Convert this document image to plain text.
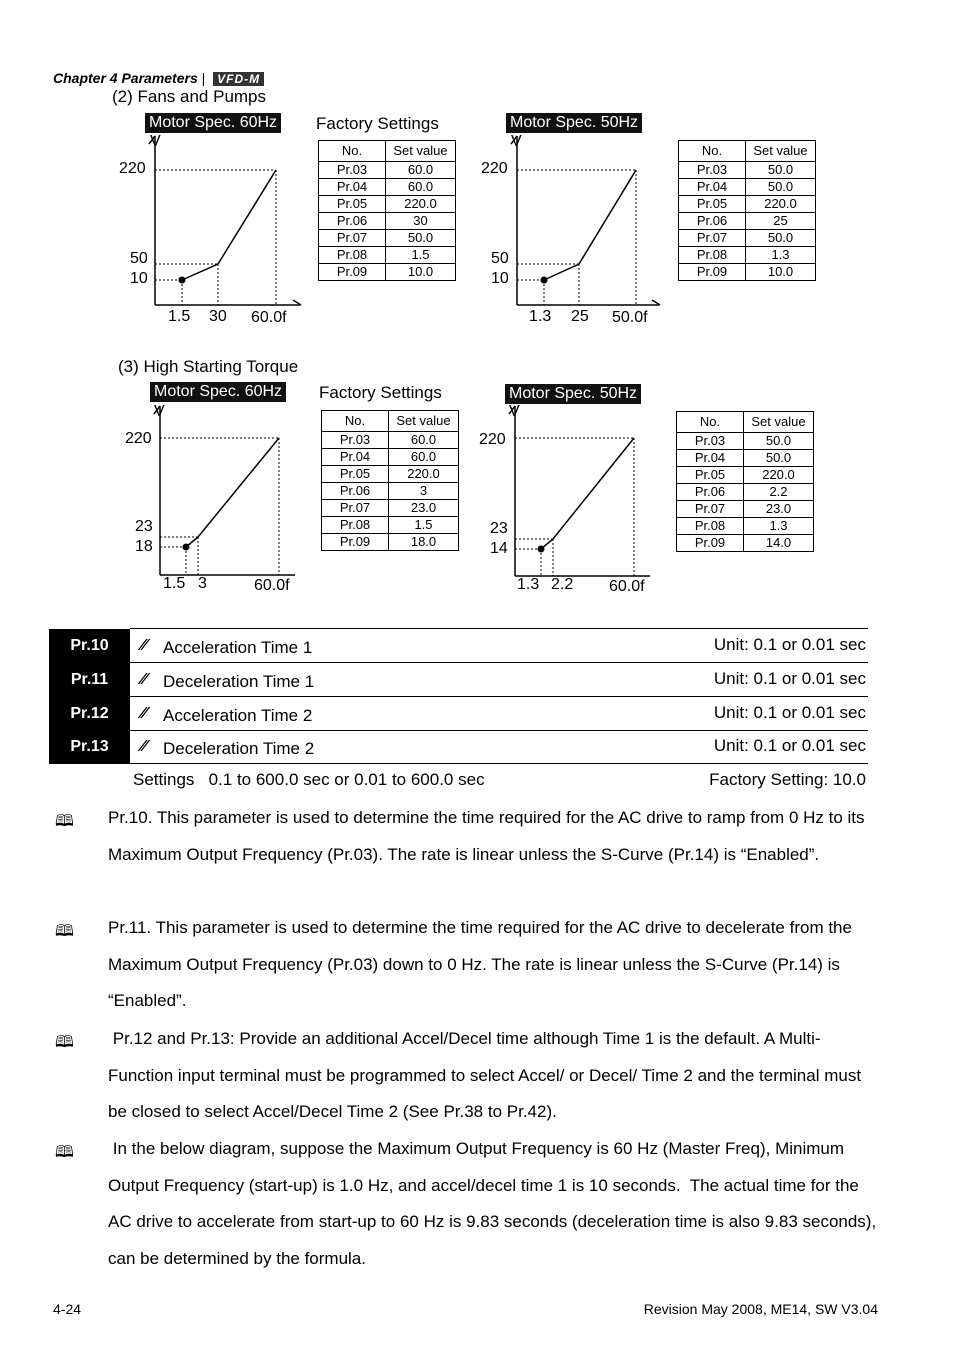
Chapter 4 Parameters | VFD-M
(2) Fans and Pumps
Motor Spec. 60Hz Factory Settings
V
220
50
10
1.5 30 60.0f
No.	Set value
Pr.03	60.0
Pr.04	60.0
Pr.05	220.0
Pr.06	30
Pr.07	50.0
Pr.08	1.5
Pr.09	10.0
Motor Spec. 50Hz
V
220
50
10
1.3 25 50.0f
No.	Set value
Pr.03	50.0
Pr.04	50.0
Pr.05	220.0
Pr.06	25
Pr.07	50.0
Pr.08	1.3
Pr.09	10.0
(3) High Starting Torque
Motor Spec. 60Hz Factory Settings
V
220
23
18
1.5 3	60.0f
No.	Set value
Pr.03	60.0
Pr.04	60.0
Pr.05	220.0
Pr.06	3
Pr.07	23.0
Pr.08	1.5
Pr.09	18.0
Motor Spec. 50Hz
V
220
23
14
1.3 2.2 60.0f
No.	Set value
Pr.03	50.0
Pr.04	50.0
Pr.05	220.0
Pr.06	2.2
Pr.07	23.0
Pr.08	1.3
Pr.09	14.0
Pr.10	⁄⁄ Acceleration Time 1	Unit: 0.1 or 0.01 sec
Pr.11	⁄⁄ Deceleration Time 1	Unit: 0.1 or 0.01 sec
Pr.12	⁄⁄ Acceleration Time 2	Unit: 0.1 or 0.01 sec
Pr.13	⁄⁄ Deceleration Time 2	Unit: 0.1 or 0.01 sec
Settings   0.1 to 600.0 sec or 0.01 to 600.0 sec	Factory Setting: 10.0
🕮 Pr.10. This parameter is used to determine the time required for the AC drive to ramp from 0 Hz to its Maximum Output Frequency (Pr.03). The rate is linear unless the S-Curve (Pr.14) is “Enabled”.
🕮 Pr.11. This parameter is used to determine the time required for the AC drive to decelerate from the Maximum Output Frequency (Pr.03) down to 0 Hz. The rate is linear unless the S-Curve (Pr.14) is “Enabled”.
🕮 Pr.12 and Pr.13: Provide an additional Accel/Decel time although Time 1 is the default. A Multi-Function input terminal must be programmed to select Accel/ or Decel/ Time 2 and the terminal must be closed to select Accel/Decel Time 2 (See Pr.38 to Pr.42).
🕮 In the below diagram, suppose the Maximum Output Frequency is 60 Hz (Master Freq), Minimum Output Frequency (start-up) is 1.0 Hz, and accel/decel time 1 is 10 seconds.  The actual time for the AC drive to accelerate from start-up to 60 Hz is 9.83 seconds (deceleration time is also 9.83 seconds), can be determined by the formula.
4-24	Revision May 2008, ME14, SW V3.04
